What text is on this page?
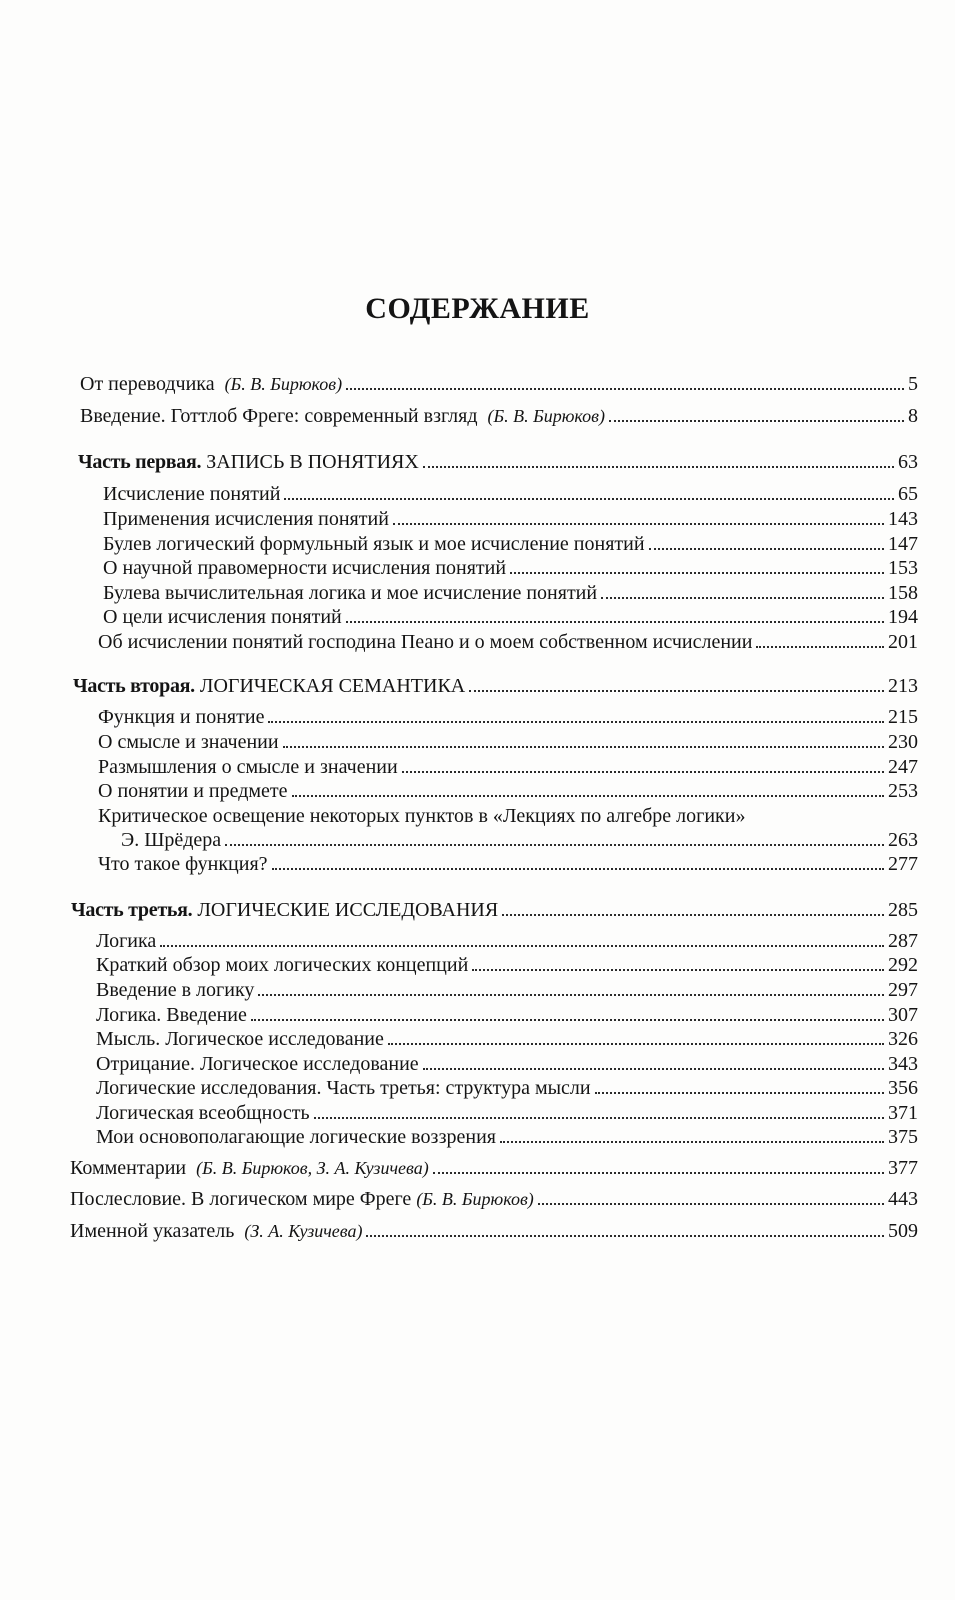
СОДЕРЖАНИЕ
От переводчика (Б. В. Бирюков)	5
Введение. Готтлоб Фреге: современный взгляд (Б. В. Бирюков)	8
Часть первая. ЗАПИСЬ В ПОНЯТИЯХ	63
Исчисление понятий	65
Применения исчисления понятий	143
Булев логический формульный язык и мое исчисление понятий	147
О научной правомерности исчисления понятий	153
Булева вычислительная логика и мое исчисление понятий	158
О цели исчисления понятий	194
Об исчислении понятий господина Пеано и о моем собственном исчислении	201
Часть вторая. ЛОГИЧЕСКАЯ СЕМАНТИКА	213
Функция и понятие	215
О смысле и значении	230
Размышления о смысле и значении	247
О понятии и предмете	253
Критическое освещение некоторых пунктов в «Лекциях по алгебре логики»
Э. Шрёдера	263
Что такое функция?	277
Часть третья. ЛОГИЧЕСКИЕ ИССЛЕДОВАНИЯ	285
Логика	287
Краткий обзор моих логических концепций	292
Введение в логику	297
Логика. Введение	307
Мысль. Логическое исследование	326
Отрицание. Логическое исследование	343
Логические исследования. Часть третья: структура мысли	356
Логическая всеобщность	371
Мои основополагающие логические воззрения	375
Комментарии (Б. В. Бирюков, З. А. Кузичева)	377
Послесловие. В логическом мире Фреге (Б. В. Бирюков)	443
Именной указатель (З. А. Кузичева)	509
